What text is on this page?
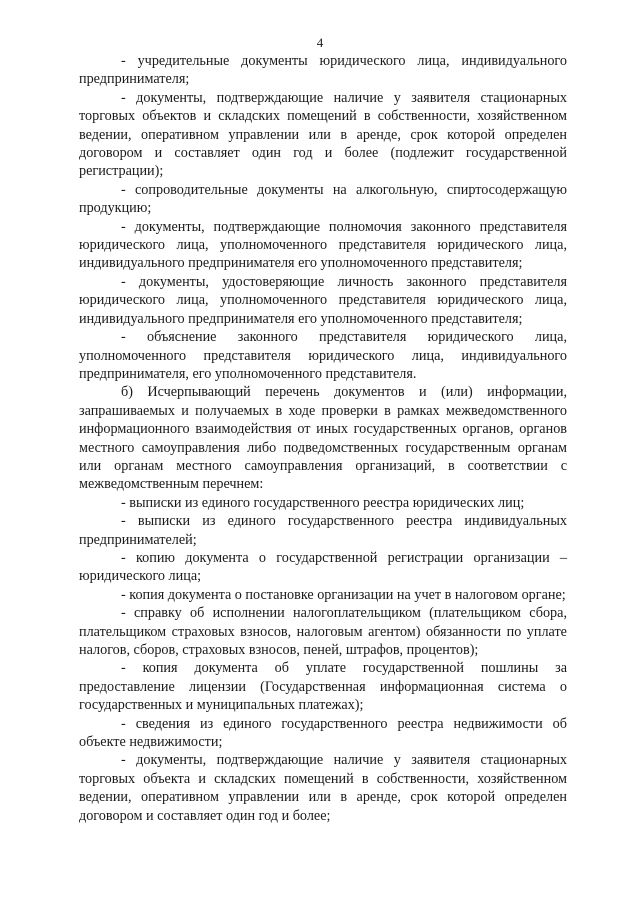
4

- учредительные документы юридического лица, индивидуального предпринимателя;

- документы, подтверждающие наличие у заявителя стационарных торговых объектов и складских помещений в собственности, хозяйственном ведении, оперативном управлении или в аренде, срок которой определен договором и составляет один год и более (подлежит государственной регистрации);

- сопроводительные документы на алкогольную, спиртосодержащую продукцию;

- документы, подтверждающие полномочия законного представителя юридического лица, уполномоченного представителя юридического лица, индивидуального предпринимателя его уполномоченного представителя;

- документы, удостоверяющие личность законного представителя юридического лица, уполномоченного представителя юридического лица, индивидуального предпринимателя его уполномоченного представителя;

- объяснение законного представителя юридического лица, уполномоченного представителя юридического лица, индивидуального предпринимателя, его уполномоченного представителя.

б) Исчерпывающий перечень документов и (или) информации, запрашиваемых и получаемых в ходе проверки в рамках межведомственного информационного взаимодействия от иных государственных органов, органов местного самоуправления либо подведомственных государственным органам или органам местного самоуправления организаций, в соответствии с межведомственным перечнем:

- выписки из единого государственного реестра юридических лиц;

- выписки из единого государственного реестра индивидуальных предпринимателей;

- копию документа о государственной регистрации организации – юридического лица;

- копия документа о постановке организации на учет в налоговом органе;

- справку об исполнении налогоплательщиком (плательщиком сбора, плательщиком страховых взносов, налоговым агентом) обязанности по уплате налогов, сборов, страховых взносов, пеней, штрафов, процентов);

- копия документа об уплате государственной пошлины за предоставление лицензии (Государственная информационная система о государственных и муниципальных платежах);

- сведения из единого государственного реестра недвижимости об объекте недвижимости;

- документы, подтверждающие наличие у заявителя стационарных торговых объекта и складских помещений в собственности, хозяйственном ведении, оперативном управлении или в аренде, срок которой определен договором и составляет один год и более;
